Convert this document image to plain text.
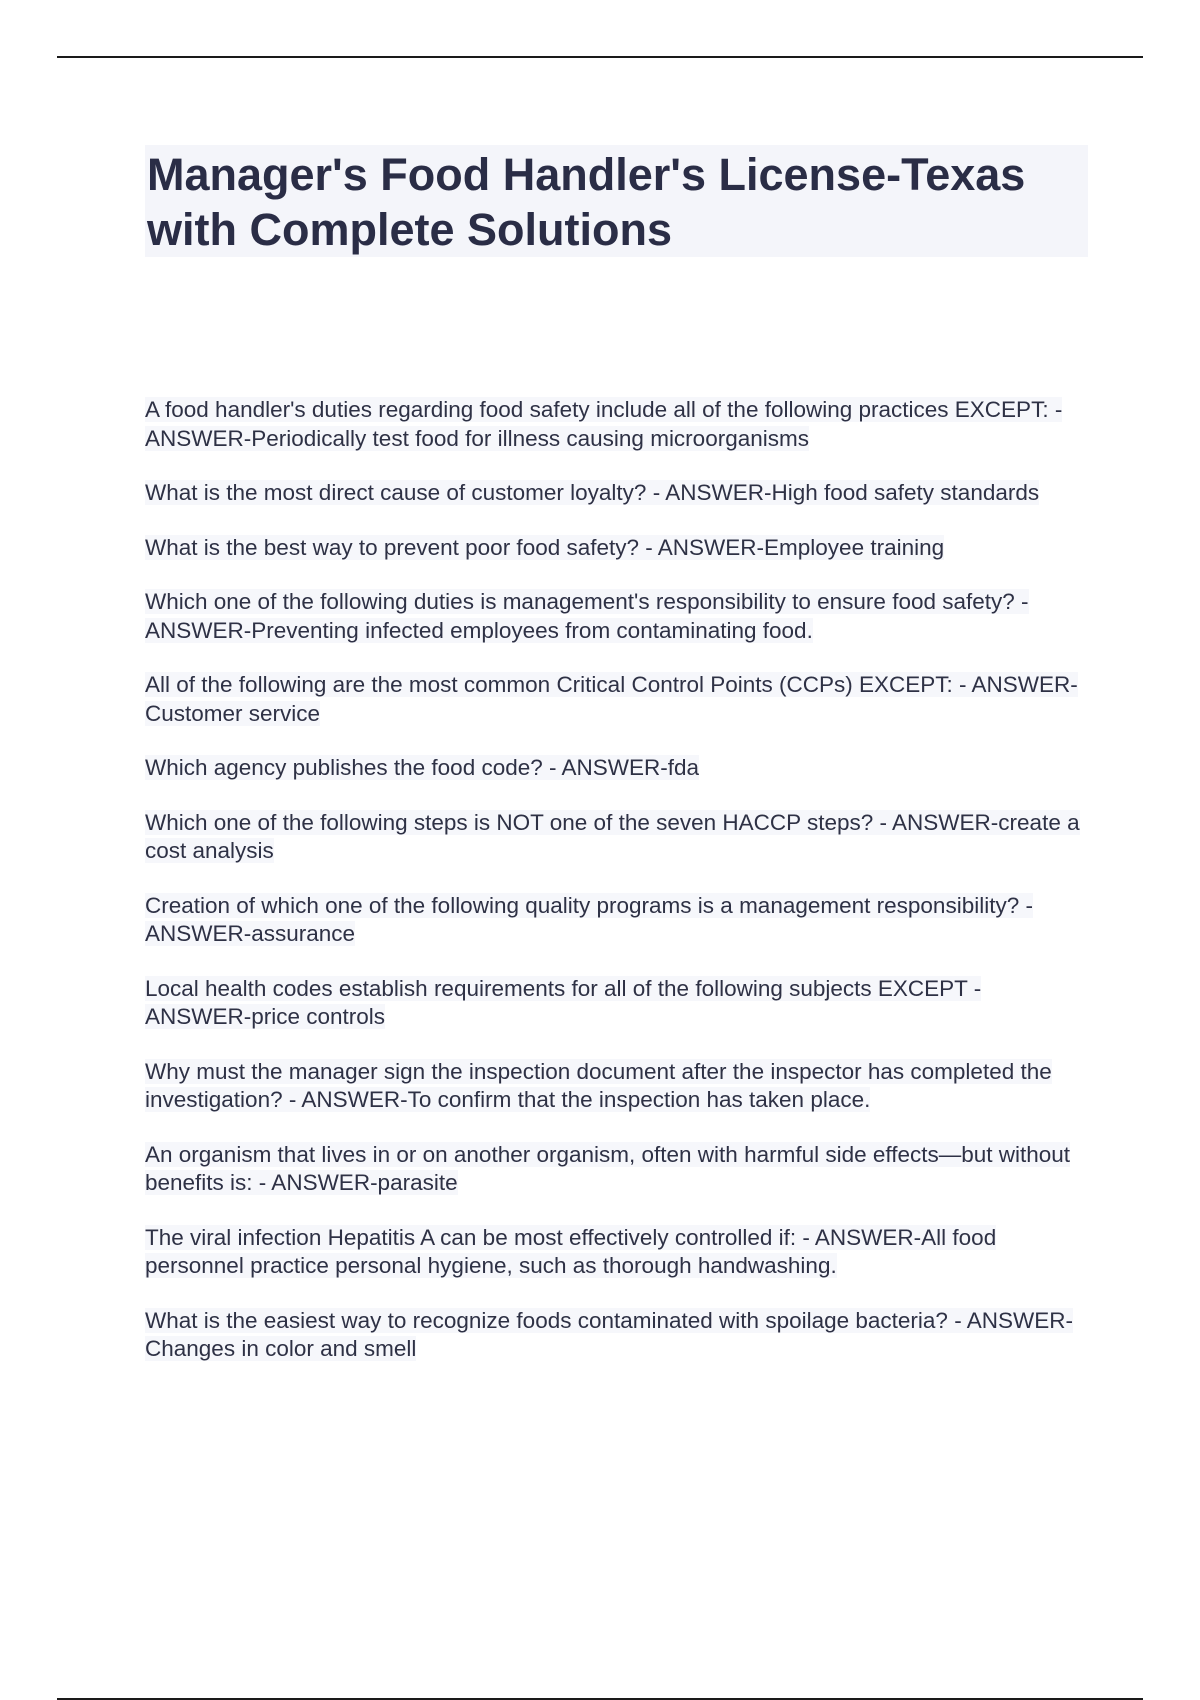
Manager's Food Handler's License-Texas with Complete Solutions
A food handler's duties regarding food safety include all of the following practices EXCEPT: - ANSWER-Periodically test food for illness causing microorganisms
What is the most direct cause of customer loyalty? - ANSWER-High food safety standards
What is the best way to prevent poor food safety? - ANSWER-Employee training
Which one of the following duties is management's responsibility to ensure food safety? - ANSWER-Preventing infected employees from contaminating food.
All of the following are the most common Critical Control Points (CCPs) EXCEPT: - ANSWER-Customer service
Which agency publishes the food code? - ANSWER-fda
Which one of the following steps is NOT one of the seven HACCP steps? - ANSWER-create a cost analysis
Creation of which one of the following quality programs is a management responsibility? - ANSWER-assurance
Local health codes establish requirements for all of the following subjects EXCEPT - ANSWER-price controls
Why must the manager sign the inspection document after the inspector has completed the investigation? - ANSWER-To confirm that the inspection has taken place.
An organism that lives in or on another organism, often with harmful side effects—but without benefits is: - ANSWER-parasite
The viral infection Hepatitis A can be most effectively controlled if: - ANSWER-All food personnel practice personal hygiene, such as thorough handwashing.
What is the easiest way to recognize foods contaminated with spoilage bacteria? - ANSWER-Changes in color and smell
